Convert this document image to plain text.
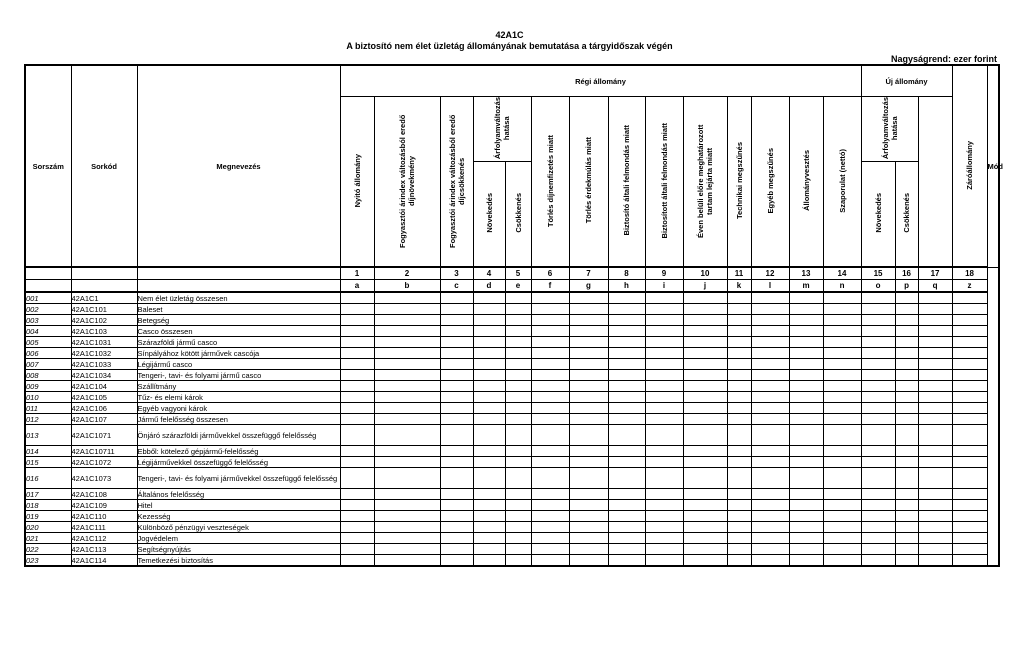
42A1C
A biztosító nem élet üzletág állományának bemutatása a tárgyidőszak végén
Nagyságrend: ezer forint
Sorszám	Sorkód	Megnevezés	Régi állomány														Új állomány			Záróállomány	Mód
			Nyitó állomány	Fogyasztói árindex változásból eredő díjnövekmény	Fogyasztói árindex változásból eredő díjcsökkenés	Árfolyamváltozás hatása		Törlés díjnemfizetés miatt	Törlés érdekmúlás miatt	Biztosító általi felmondás miatt	Biztosított általi felmondás miatt	Éven belüli előre meghatározott tartam lejárta miatt	Technikai megszűnés	Egyéb megszűnés	Állományvesztés	Szaporulat (nettó)	Árfolyamváltozás hatása				
						Növekedés	Csökkenés										Növekedés	Csökkenés			
			1	2	3	4	5	6	7	8	9	10	11	12	13	14	15	16	17	18	
			a	b	c	d	e	f	g	h	i	j	k	l	m	n	o	p	q	z	
001	42A1C1	Nem élet üzletág összesen																			
002	42A1C101	Baleset																			
003	42A1C102	Betegség																			
004	42A1C103	Casco összesen																			
005	42A1C1031	Szárazföldi jármű casco																			
006	42A1C1032	Sínpályához kötött járművek cascója																			
007	42A1C1033	Légijármű casco																			
008	42A1C1034	Tengeri-, tavi- és folyami jármű casco																			
009	42A1C104	Szállítmány																			
010	42A1C105	Tűz- és elemi károk																			
011	42A1C106	Egyéb vagyoni károk																			
012	42A1C107	Jármű felelősség összesen																			
013	42A1C1071	Önjáró szárazföldi járművekkel összefüggő felelősség																			
014	42A1C10711	Ebből: kötelező gépjármű-felelősség																			
015	42A1C1072	Légijárművekkel összefüggő felelősség																			
016	42A1C1073	Tengeri-, tavi- és folyami járművekkel összefüggő felelősség																			
017	42A1C108	Általános felelősség																			
018	42A1C109	Hitel																			
019	42A1C110	Kezesség																			
020	42A1C111	Különböző pénzügyi veszteségek																			
021	42A1C112	Jogvédelem																			
022	42A1C113	Segítségnyújtás																			
023	42A1C114	Temetkezési biztosítás																			
